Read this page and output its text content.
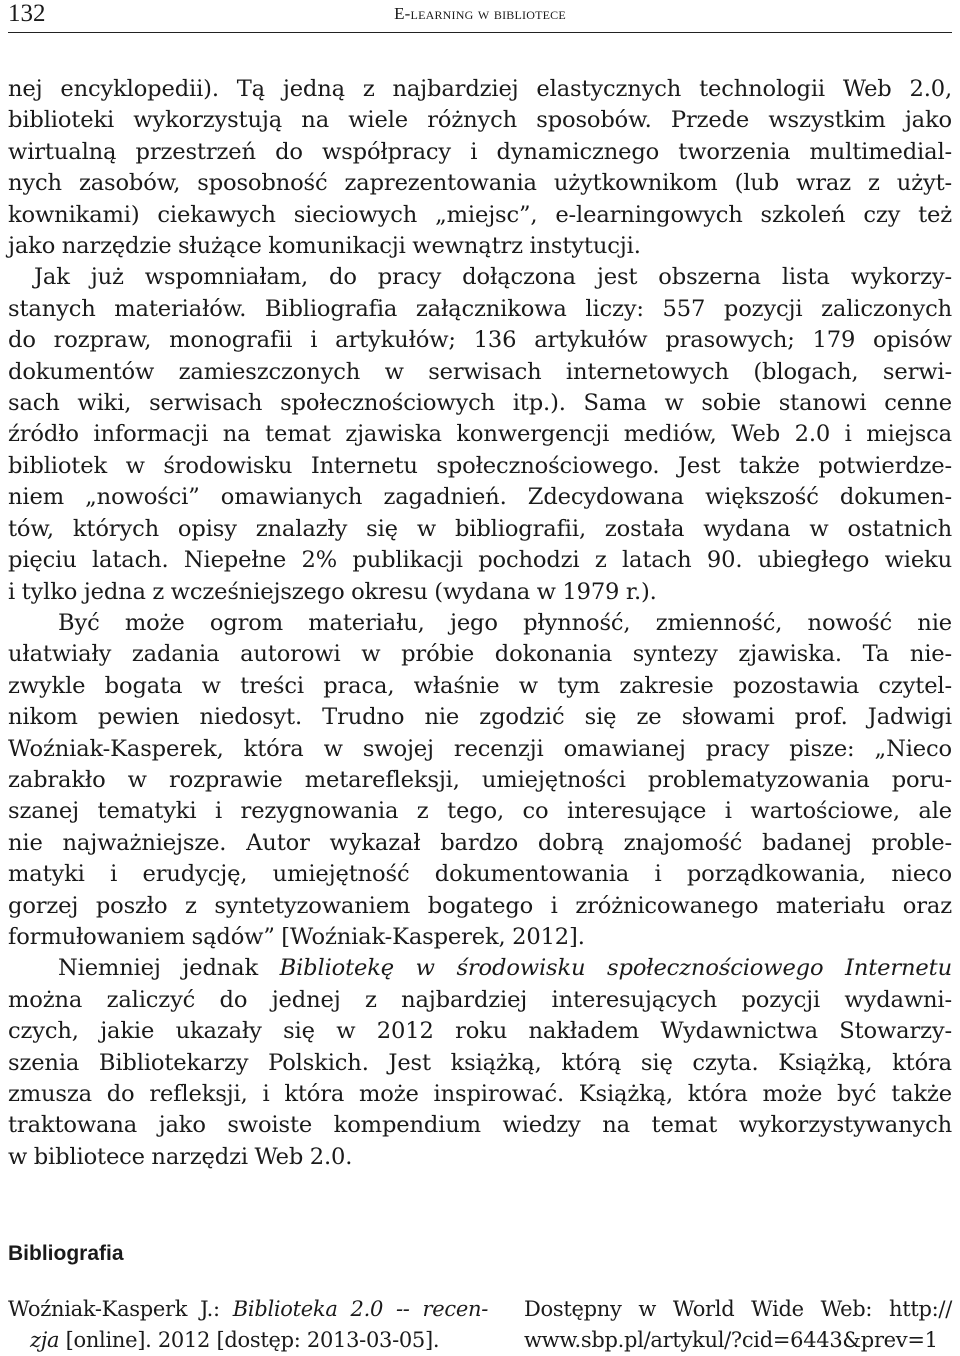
132	E-learning w bibliotece

nej encyklopedii). Tą jedną z najbardziej elastycznych technologii Web 2.0,
biblioteki wykorzystują na wiele różnych sposobów. Przede wszystkim jako
wirtualną przestrzeń do współpracy i dynamicznego tworzenia multimedial-
nych zasobów, sposobność zaprezentowania użytkownikom (lub wraz z użyt-
kownikami) ciekawych sieciowych „miejsc”, e-learningowych szkoleń czy też
jako narzędzie służące komunikacji wewnątrz instytucji.

Jak już wspomniałam, do pracy dołączona jest obszerna lista wykorzy-
stanych materiałów. Bibliografia załącznikowa liczy: 557 pozycji zaliczonych
do rozpraw, monografii i artykułów; 136 artykułów prasowych; 179 opisów
dokumentów zamieszczonych w serwisach internetowych (blogach, serwi-
sach wiki, serwisach społecznościowych itp.). Sama w sobie stanowi cenne
źródło informacji na temat zjawiska konwergencji mediów, Web 2.0 i miejsca
bibliotek w środowisku Internetu społecznościowego. Jest także potwierdze-
niem „nowości” omawianych zagadnień. Zdecydowana większość dokumen-
tów, których opisy znalazły się w bibliografii, została wydana w ostatnich
pięciu latach. Niepełne 2% publikacji pochodzi z latach 90. ubiegłego wieku
i tylko jedna z wcześniejszego okresu (wydana w 1979 r.).

Być może ogrom materiału, jego płynność, zmienność, nowość nie
ułatwiały zadania autorowi w próbie dokonania syntezy zjawiska. Ta nie-
zwykle bogata w treści praca, właśnie w tym zakresie pozostawia czytel-
nikom pewien niedosyt. Trudno nie zgodzić się ze słowami prof. Jadwigi
Woźniak-Kasperek, która w swojej recenzji omawianej pracy pisze: „Nieco
zabrakło w rozprawie metarefleksji, umiejętności problematyzowania poru-
szanej tematyki i rezygnowania z tego, co interesujące i wartościowe, ale
nie najważniejsze. Autor wykazał bardzo dobrą znajomość badanej proble-
matyki i erudycję, umiejętność dokumentowania i porządkowania, nieco
gorzej poszło z syntetyzowaniem bogatego i zróżnicowanego materiału oraz
formułowaniem sądów” [Woźniak-Kasperek, 2012].

Niemniej jednak Bibliotekę w środowisku społecznościowego Internetu
można zaliczyć do jednej z najbardziej interesujących pozycji wydawni-
czych, jakie ukazały się w 2012 roku nakładem Wydawnictwa Stowarzy-
szenia Bibliotekarzy Polskich. Jest książką, którą się czyta. Książką, która
zmusza do refleksji, i która może inspirować. Książką, która może być także
traktowana jako swoiste kompendium wiedzy na temat wykorzystywanych
w bibliotece narzędzi Web 2.0.

Bibliografia
Woźniak-Kasperk J.: Biblioteka 2.0 -- recen-
zja [online]. 2012 [dostęp: 2013-03-05].
Dostępny w World Wide Web: http://
www.sbp.pl/artykul/?cid=6443&prev=1
